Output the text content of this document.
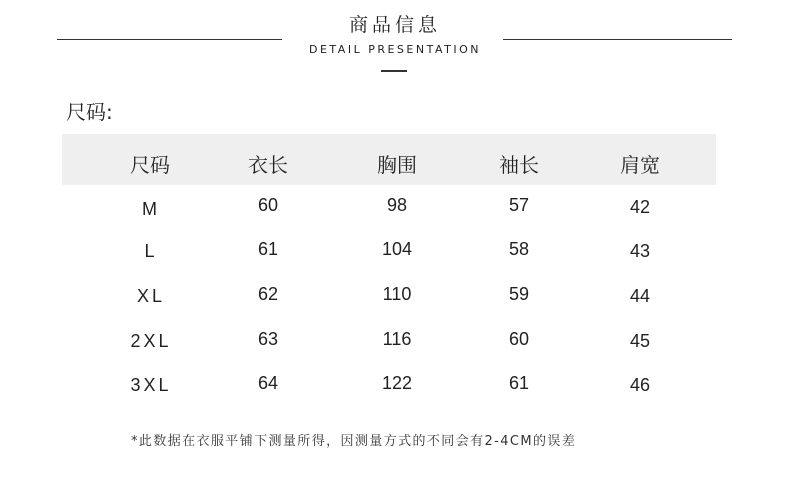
商品信息
DETAIL PRESENTATION
尺码:
尺码	衣长	胸围	袖长	肩宽
M	60	98	57	42
L	61	104	58	43
XL	62	110	59	44
2XL	63	116	60	45
3XL	64	122	61	46
*此数据在衣服平铺下测量所得，因测量方式的不同会有2-4CM的误差
